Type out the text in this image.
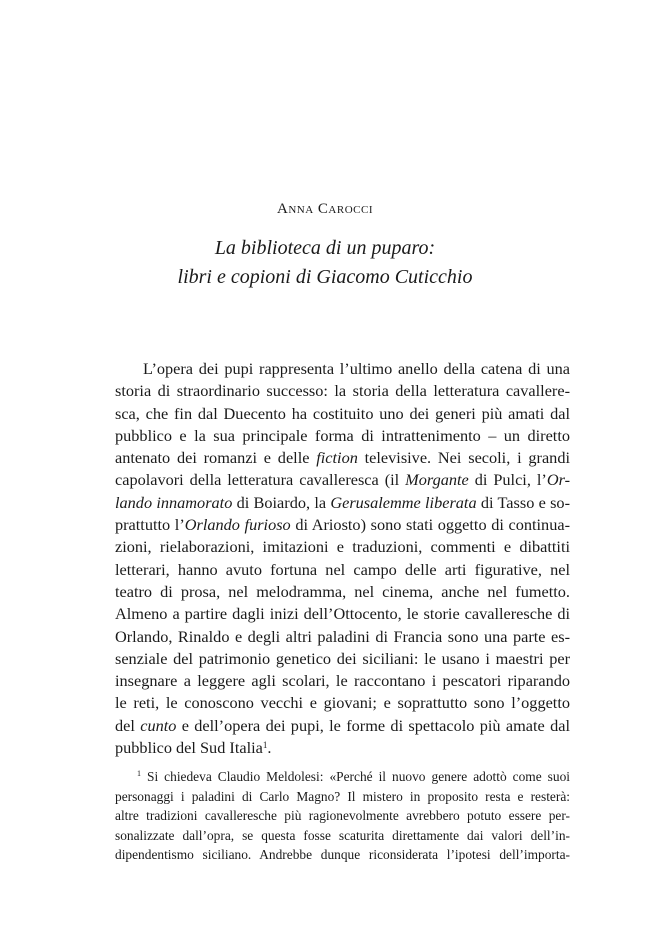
Anna Carocci
La biblioteca di un puparo:
libri e copioni di Giacomo Cuticchio
L’opera dei pupi rappresenta l’ultimo anello della catena di una
storia di straordinario successo: la storia della letteratura cavallere-
sca, che fin dal Duecento ha costituito uno dei generi più amati dal
pubblico e la sua principale forma di intrattenimento – un diretto
antenato dei romanzi e delle fiction televisive. Nei secoli, i grandi
capolavori della letteratura cavalleresca (il Morgante di Pulci, l’Or-
lando innamorato di Boiardo, la Gerusalemme liberata di Tasso e so-
prattutto l’Orlando furioso di Ariosto) sono stati oggetto di continua-
zioni, rielaborazioni, imitazioni e traduzioni, commenti e dibattiti
letterari, hanno avuto fortuna nel campo delle arti figurative, nel
teatro di prosa, nel melodramma, nel cinema, anche nel fumetto.
Almeno a partire dagli inizi dell’Ottocento, le storie cavalleresche di
Orlando, Rinaldo e degli altri paladini di Francia sono una parte es-
senziale del patrimonio genetico dei siciliani: le usano i maestri per
insegnare a leggere agli scolari, le raccontano i pescatori riparando
le reti, le conoscono vecchi e giovani; e soprattutto sono l’oggetto
del cunto e dell’opera dei pupi, le forme di spettacolo più amate dal
pubblico del Sud Italia$^1$.
$^1$ Si chiedeva Claudio Meldolesi: «Perché il nuovo genere adottò come suoi
personaggi i paladini di Carlo Magno? Il mistero in proposito resta e resterà:
altre tradizioni cavalleresche più ragionevolmente avrebbero potuto essere per-
sonalizzate dall’opra, se questa fosse scaturita direttamente dai valori dell’in-
dipendentismo siciliano. Andrebbe dunque riconsiderata l’ipotesi dell’importa-
